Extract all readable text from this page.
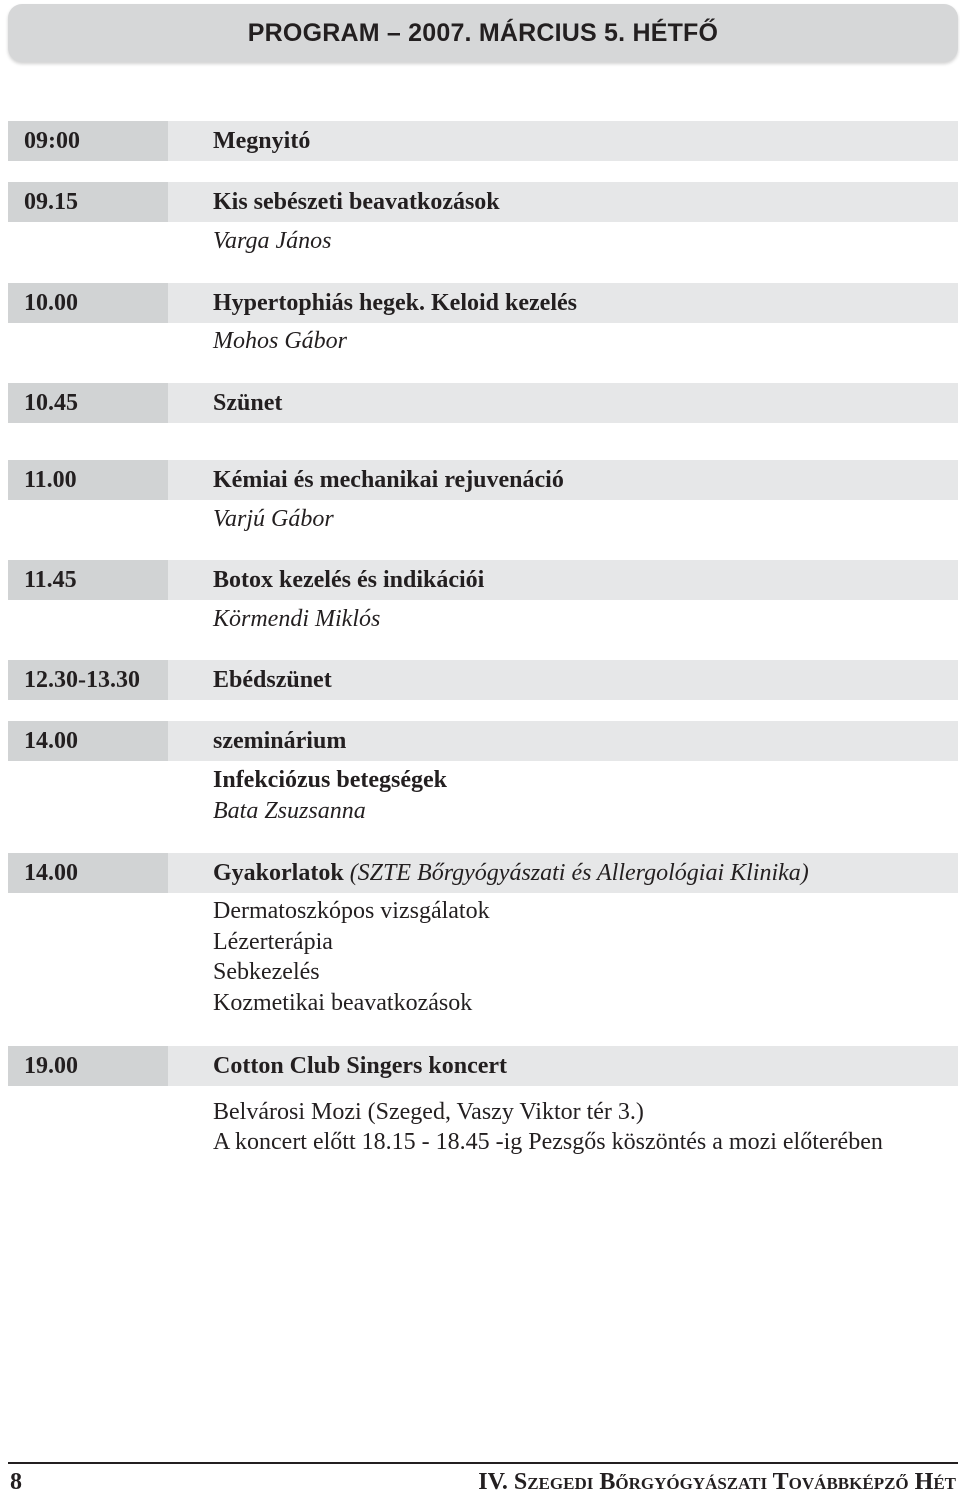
PROGRAM – 2007. MÁRCIUS 5. HÉTFŐ
09:00	Megnyitó
09.15	Kis sebészeti beavatkozások
Varga János
10.00	Hypertophiás hegek. Keloid kezelés
Mohos Gábor
10.45	Szünet
11.00	Kémiai és mechanikai rejuvenáció
Varjú Gábor
11.45	Botox kezelés és indikációi
Körmendi Miklós
12.30-13.30	Ebédszünet
14.00	szeminárium
Infekciózus betegségek
Bata Zsuzsanna
14.00	Gyakorlatok (SZTE Bőrgyógyászati és Allergológiai Klinika)
Dermatoszkópos vizsgálatok
Lézerterápia
Sebkezelés
Kozmetikai beavatkozások
19.00	Cotton Club Singers koncert
Belvárosi Mozi (Szeged, Vaszy Viktor tér 3.)
A koncert előtt 18.15 - 18.45 -ig Pezsgős köszöntés a mozi előterében
8	IV. Szegedi Bőrgyógyászati Továbbképző Hét
